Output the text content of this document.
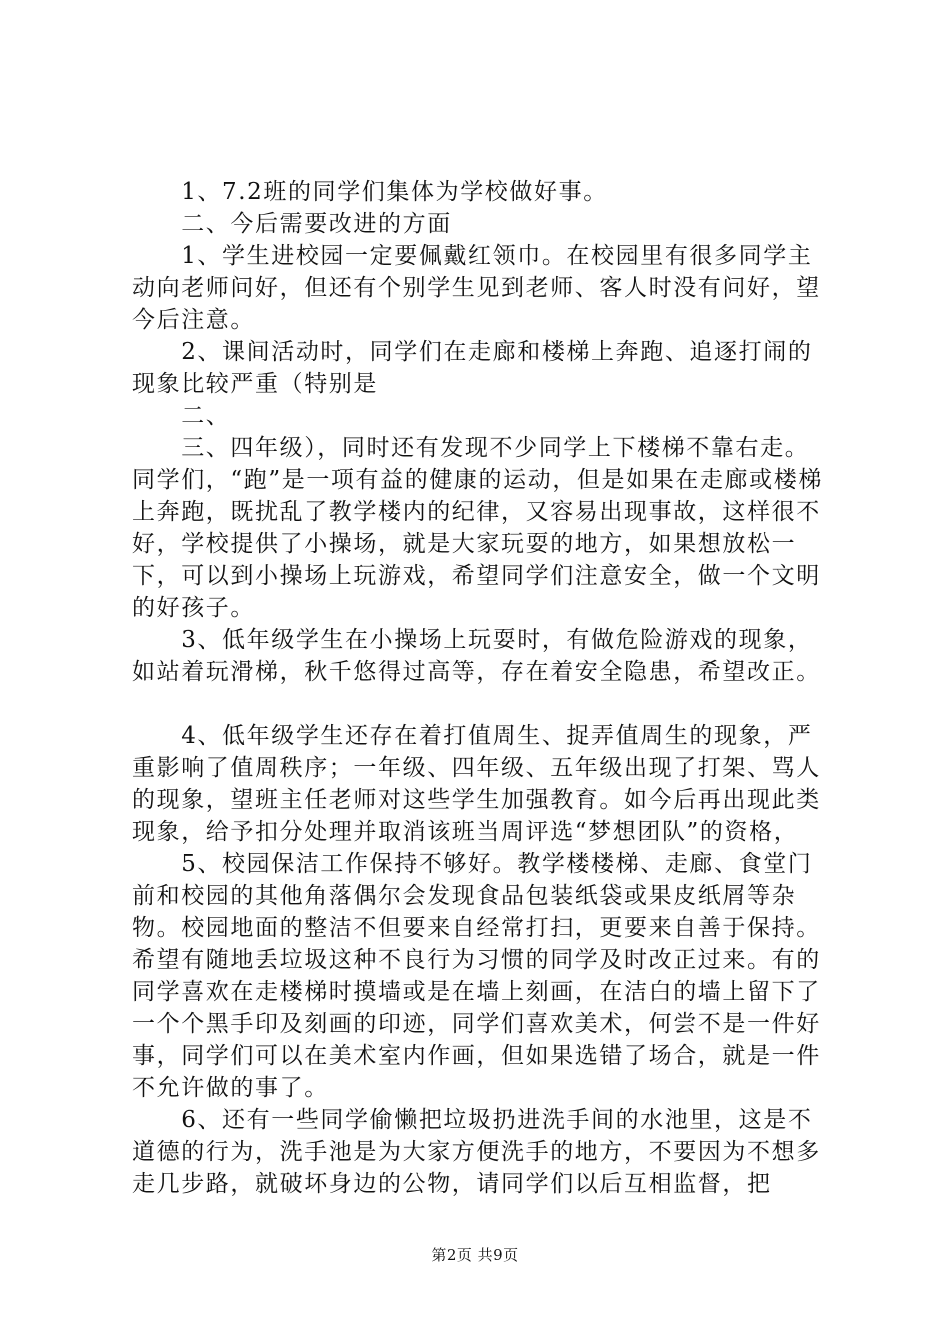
　　1、7.2班的同学们集体为学校做好事。

　　二、今后需要改进的方面

　　1、学生进校园一定要佩戴红领巾。在校园里有很多同学主动向老师问好，但还有个别学生见到老师、客人时没有问好，望今后注意。

　　2、课间活动时，同学们在走廊和楼梯上奔跑、追逐打闹的现象比较严重（特别是

　　二、

　　三、四年级），同时还有发现不少同学上下楼梯不靠右走。同学们，“跑”是一项有益的健康的运动，但是如果在走廊或楼梯上奔跑，既扰乱了教学楼内的纪律，又容易出现事故，这样很不好，学校提供了小操场，就是大家玩耍的地方，如果想放松一下，可以到小操场上玩游戏，希望同学们注意安全，做一个文明的好孩子。

　　3、低年级学生在小操场上玩耍时，有做危险游戏的现象，如站着玩滑梯，秋千悠得过高等，存在着安全隐患，希望改正。

　　4、低年级学生还存在着打值周生、捉弄值周生的现象，严重影响了值周秩序；一年级、四年级、五年级出现了打架、骂人的现象，望班主任老师对这些学生加强教育。如今后再出现此类现象，给予扣分处理并取消该班当周评选“梦想团队”的资格，

　　5、校园保洁工作保持不够好。教学楼楼梯、走廊、食堂门前和校园的其他角落偶尔会发现食品包装纸袋或果皮纸屑等杂物。校园地面的整洁不但要来自经常打扫，更要来自善于保持。希望有随地丢垃圾这种不良行为习惯的同学及时改正过来。有的同学喜欢在走楼梯时摸墙或是在墙上刻画，在洁白的墙上留下了一个个黑手印及刻画的印迹，同学们喜欢美术，何尝不是一件好事，同学们可以在美术室内作画，但如果选错了场合，就是一件不允许做的事了。

　　6、还有一些同学偷懒把垃圾扔进洗手间的水池里，这是不道德的行为，洗手池是为大家方便洗手的地方，不要因为不想多走几步路，就破坏身边的公物，请同学们以后互相监督，把

第2页 共9页
